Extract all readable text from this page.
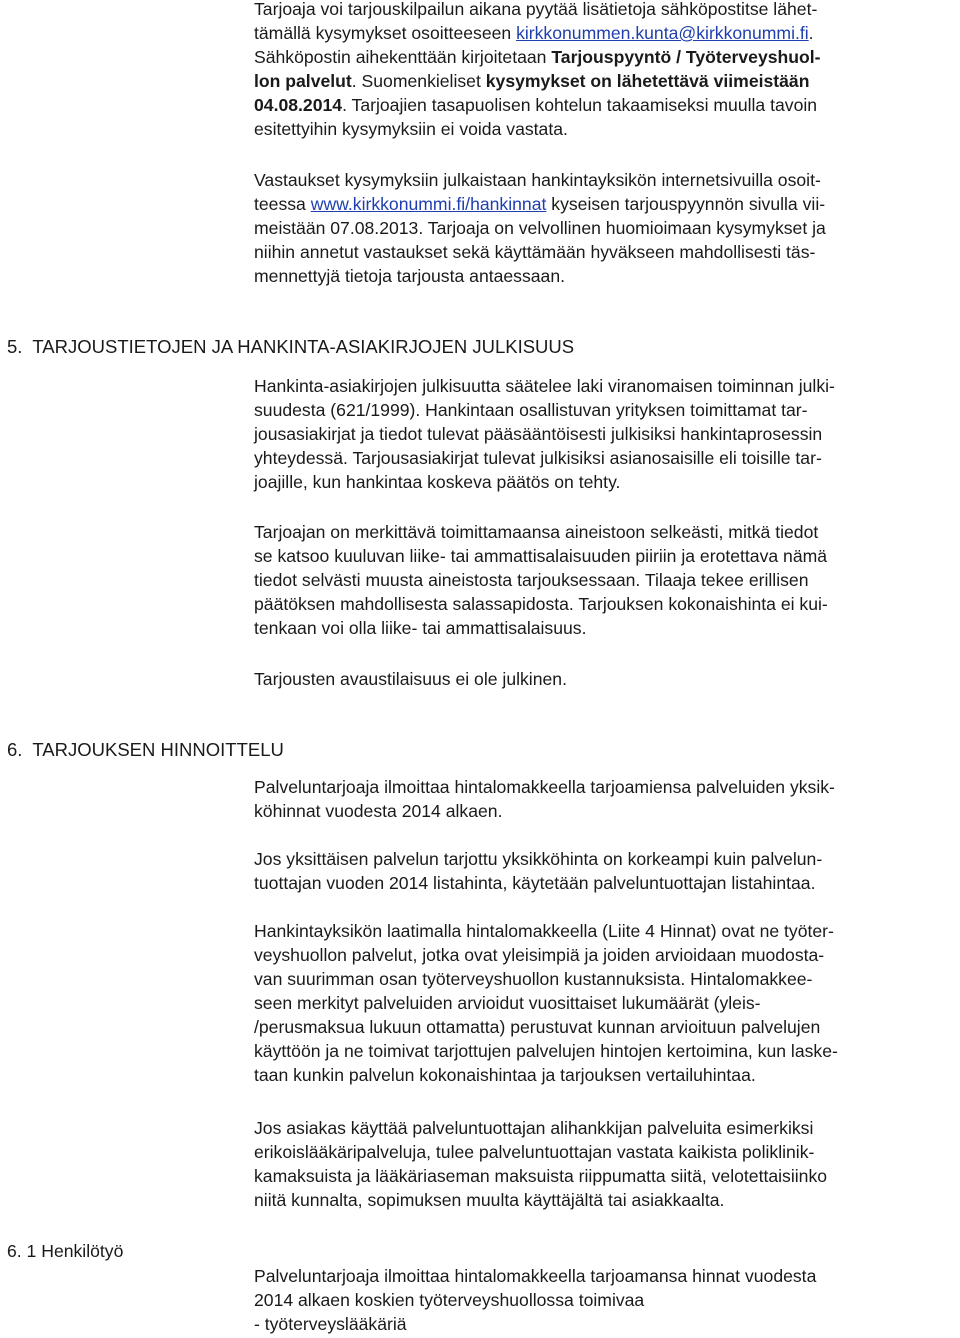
Tarjoaja voi tarjouskilpailun aikana pyytää lisätietoja sähköpostitse lähet-
tämällä kysymykset osoitteeseen kirkkonummen.kunta@kirkkonummi.fi.
Sähköpostin aihekenttään kirjoitetaan Tarjouspyyntö / Työterveyshuol-
lon palvelut. Suomenkieliset kysymykset on lähetettävä viimeistään
04.08.2014. Tarjoajien tasapuolisen kohtelun takaamiseksi muulla tavoin
esitettyihin kysymyksiin ei voida vastata.
Vastaukset kysymyksiin julkaistaan hankintayksikön internetsivuilla osoit-
teessa www.kirkkonummi.fi/hankinnat kyseisen tarjouspyynnön sivulla vii-
meistään 07.08.2013. Tarjoaja on velvollinen huomioimaan kysymykset ja
niihin annetut vastaukset sekä käyttämään hyväkseen mahdollisesti täs-
mennettyjä tietoja tarjousta antaessaan.
5.  TARJOUSTIETOJEN JA HANKINTA-ASIAKIRJOJEN JULKISUUS
Hankinta-asiakirjojen julkisuutta säätelee laki viranomaisen toiminnan julki-
suudesta (621/1999). Hankintaan osallistuvan yrityksen toimittamat tar-
jousasiakirjat ja tiedot tulevat pääsääntöisesti julkisiksi hankintaprosessin
yhteydessä. Tarjousasiakirjat tulevat julkisiksi asianosaisille eli toisille tar-
joajille, kun hankintaa koskeva päätös on tehty.
Tarjoajan on merkittävä toimittamaansa aineistoon selkeästi, mitkä tiedot
se katsoo kuuluvan liike- tai ammattisalaisuuden piiriin ja erotettava nämä
tiedot selvästi muusta aineistosta tarjouksessaan. Tilaaja tekee erillisen
päätöksen mahdollisesta salassapidosta. Tarjouksen kokonaishinta ei kui-
tenkaan voi olla liike- tai ammattisalaisuus.
Tarjousten avaustilaisuus ei ole julkinen.
6.  TARJOUKSEN HINNOITTELU
Palveluntarjoaja ilmoittaa hintalomakkeella tarjoamiensa palveluiden yksik-
köhinnat vuodesta 2014 alkaen.
Jos yksittäisen palvelun tarjottu yksikköhinta on korkeampi kuin palvelun-
tuottajan vuoden 2014 listahinta, käytetään palveluntuottajan listahintaa.
Hankintayksikön laatimalla hintalomakkeella (Liite 4 Hinnat) ovat ne työter-
veyshuollon palvelut, jotka ovat yleisimpiä ja joiden arvioidaan muodosta-
van suurimman osan työterveyshuollon kustannuksista. Hintalomakkee-
seen merkityt palveluiden arvioidut vuosittaiset lukumäärät (yleis-
/perusmaksua lukuun ottamatta) perustuvat kunnan arvioituun palvelujen
käyttöön ja ne toimivat tarjottujen palvelujen hintojen kertoimina, kun laske-
taan kunkin palvelun kokonaishintaa ja tarjouksen vertailuhintaa.
Jos asiakas käyttää palveluntuottajan alihankkijan palveluita esimerkiksi
erikoislääkäripalveluja, tulee palveluntuottajan vastata kaikista poliklinik-
kamaksuista ja lääkäriaseman maksuista riippumatta siitä, velotettaisiinko
niitä kunnalta, sopimuksen muulta käyttäjältä tai asiakkaalta.
6. 1 Henkilötyö
Palveluntarjoaja ilmoittaa hintalomakkeella tarjoamansa hinnat vuodesta
2014 alkaen koskien työterveyshuollossa toimivaa
- työterveyslääkäriä
